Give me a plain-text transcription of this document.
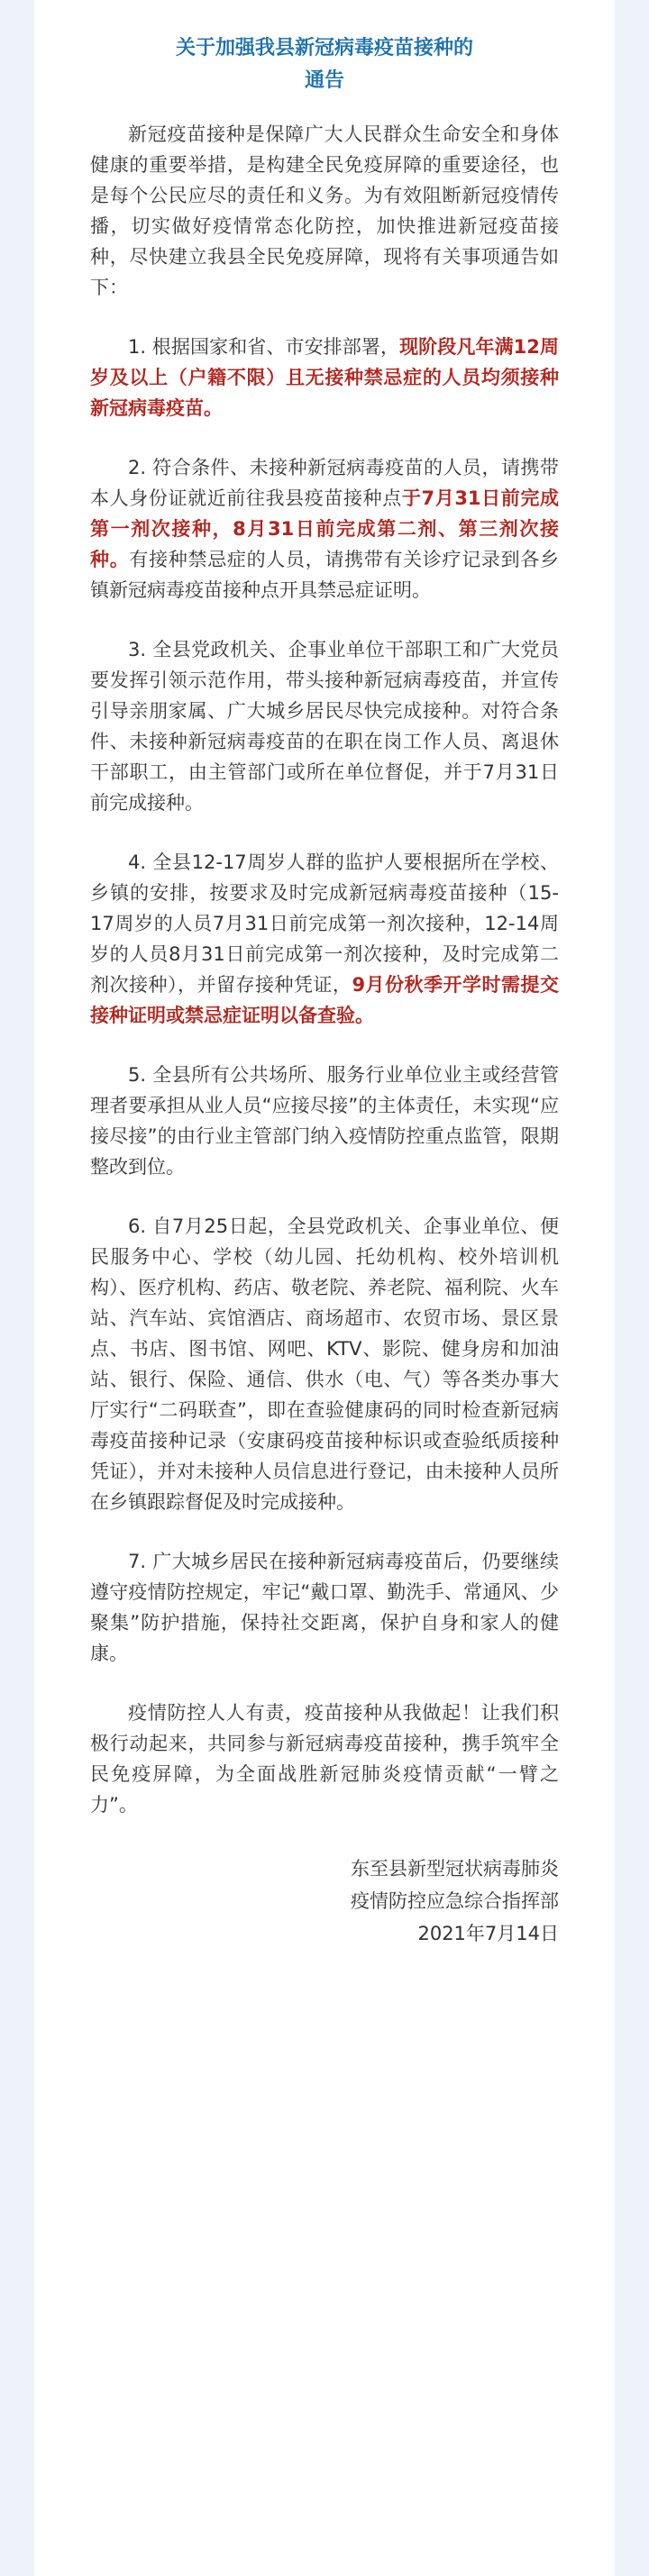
关于加强我县新冠病毒疫苗接种的
通告

新冠疫苗接种是保障广大人民群众生命安全和身体健康的重要举措，是构建全民免疫屏障的重要途径，也是每个公民应尽的责任和义务。为有效阻断新冠疫情传播，切实做好疫情常态化防控，加快推进新冠疫苗接种，尽快建立我县全民免疫屏障，现将有关事项通告如下：

1. 根据国家和省、市安排部署，现阶段凡年满12周岁及以上（户籍不限）且无接种禁忌症的人员均须接种新冠病毒疫苗。

2. 符合条件、未接种新冠病毒疫苗的人员，请携带本人身份证就近前往我县疫苗接种点于7月31日前完成第一剂次接种，8月31日前完成第二剂、第三剂次接种。有接种禁忌症的人员，请携带有关诊疗记录到各乡镇新冠病毒疫苗接种点开具禁忌症证明。

3. 全县党政机关、企事业单位干部职工和广大党员要发挥引领示范作用，带头接种新冠病毒疫苗，并宣传引导亲朋家属、广大城乡居民尽快完成接种。对符合条件、未接种新冠病毒疫苗的在职在岗工作人员、离退休干部职工，由主管部门或所在单位督促，并于7月31日前完成接种。

4. 全县12-17周岁人群的监护人要根据所在学校、乡镇的安排，按要求及时完成新冠病毒疫苗接种（15-17周岁的人员7月31日前完成第一剂次接种，12-14周岁的人员8月31日前完成第一剂次接种，及时完成第二剂次接种），并留存接种凭证，9月份秋季开学时需提交接种证明或禁忌症证明以备查验。

5. 全县所有公共场所、服务行业单位业主或经营管理者要承担从业人员“应接尽接”的主体责任，未实现“应接尽接”的由行业主管部门纳入疫情防控重点监管，限期整改到位。

6. 自7月25日起，全县党政机关、企事业单位、便民服务中心、学校（幼儿园、托幼机构、校外培训机构）、医疗机构、药店、敬老院、养老院、福利院、火车站、汽车站、宾馆酒店、商场超市、农贸市场、景区景点、书店、图书馆、网吧、KTV、影院、健身房和加油站、银行、保险、通信、供水（电、气）等各类办事大厅实行“二码联查”，即在查验健康码的同时检查新冠病毒疫苗接种记录（安康码疫苗接种标识或查验纸质接种凭证），并对未接种人员信息进行登记，由未接种人员所在乡镇跟踪督促及时完成接种。

7. 广大城乡居民在接种新冠病毒疫苗后，仍要继续遵守疫情防控规定，牢记“戴口罩、勤洗手、常通风、少聚集”防护措施，保持社交距离，保护自身和家人的健康。

疫情防控人人有责，疫苗接种从我做起！让我们积极行动起来，共同参与新冠病毒疫苗接种，携手筑牢全民免疫屏障，为全面战胜新冠肺炎疫情贡献“一臂之力”。

东至县新型冠状病毒肺炎
疫情防控应急综合指挥部
2021年7月14日
